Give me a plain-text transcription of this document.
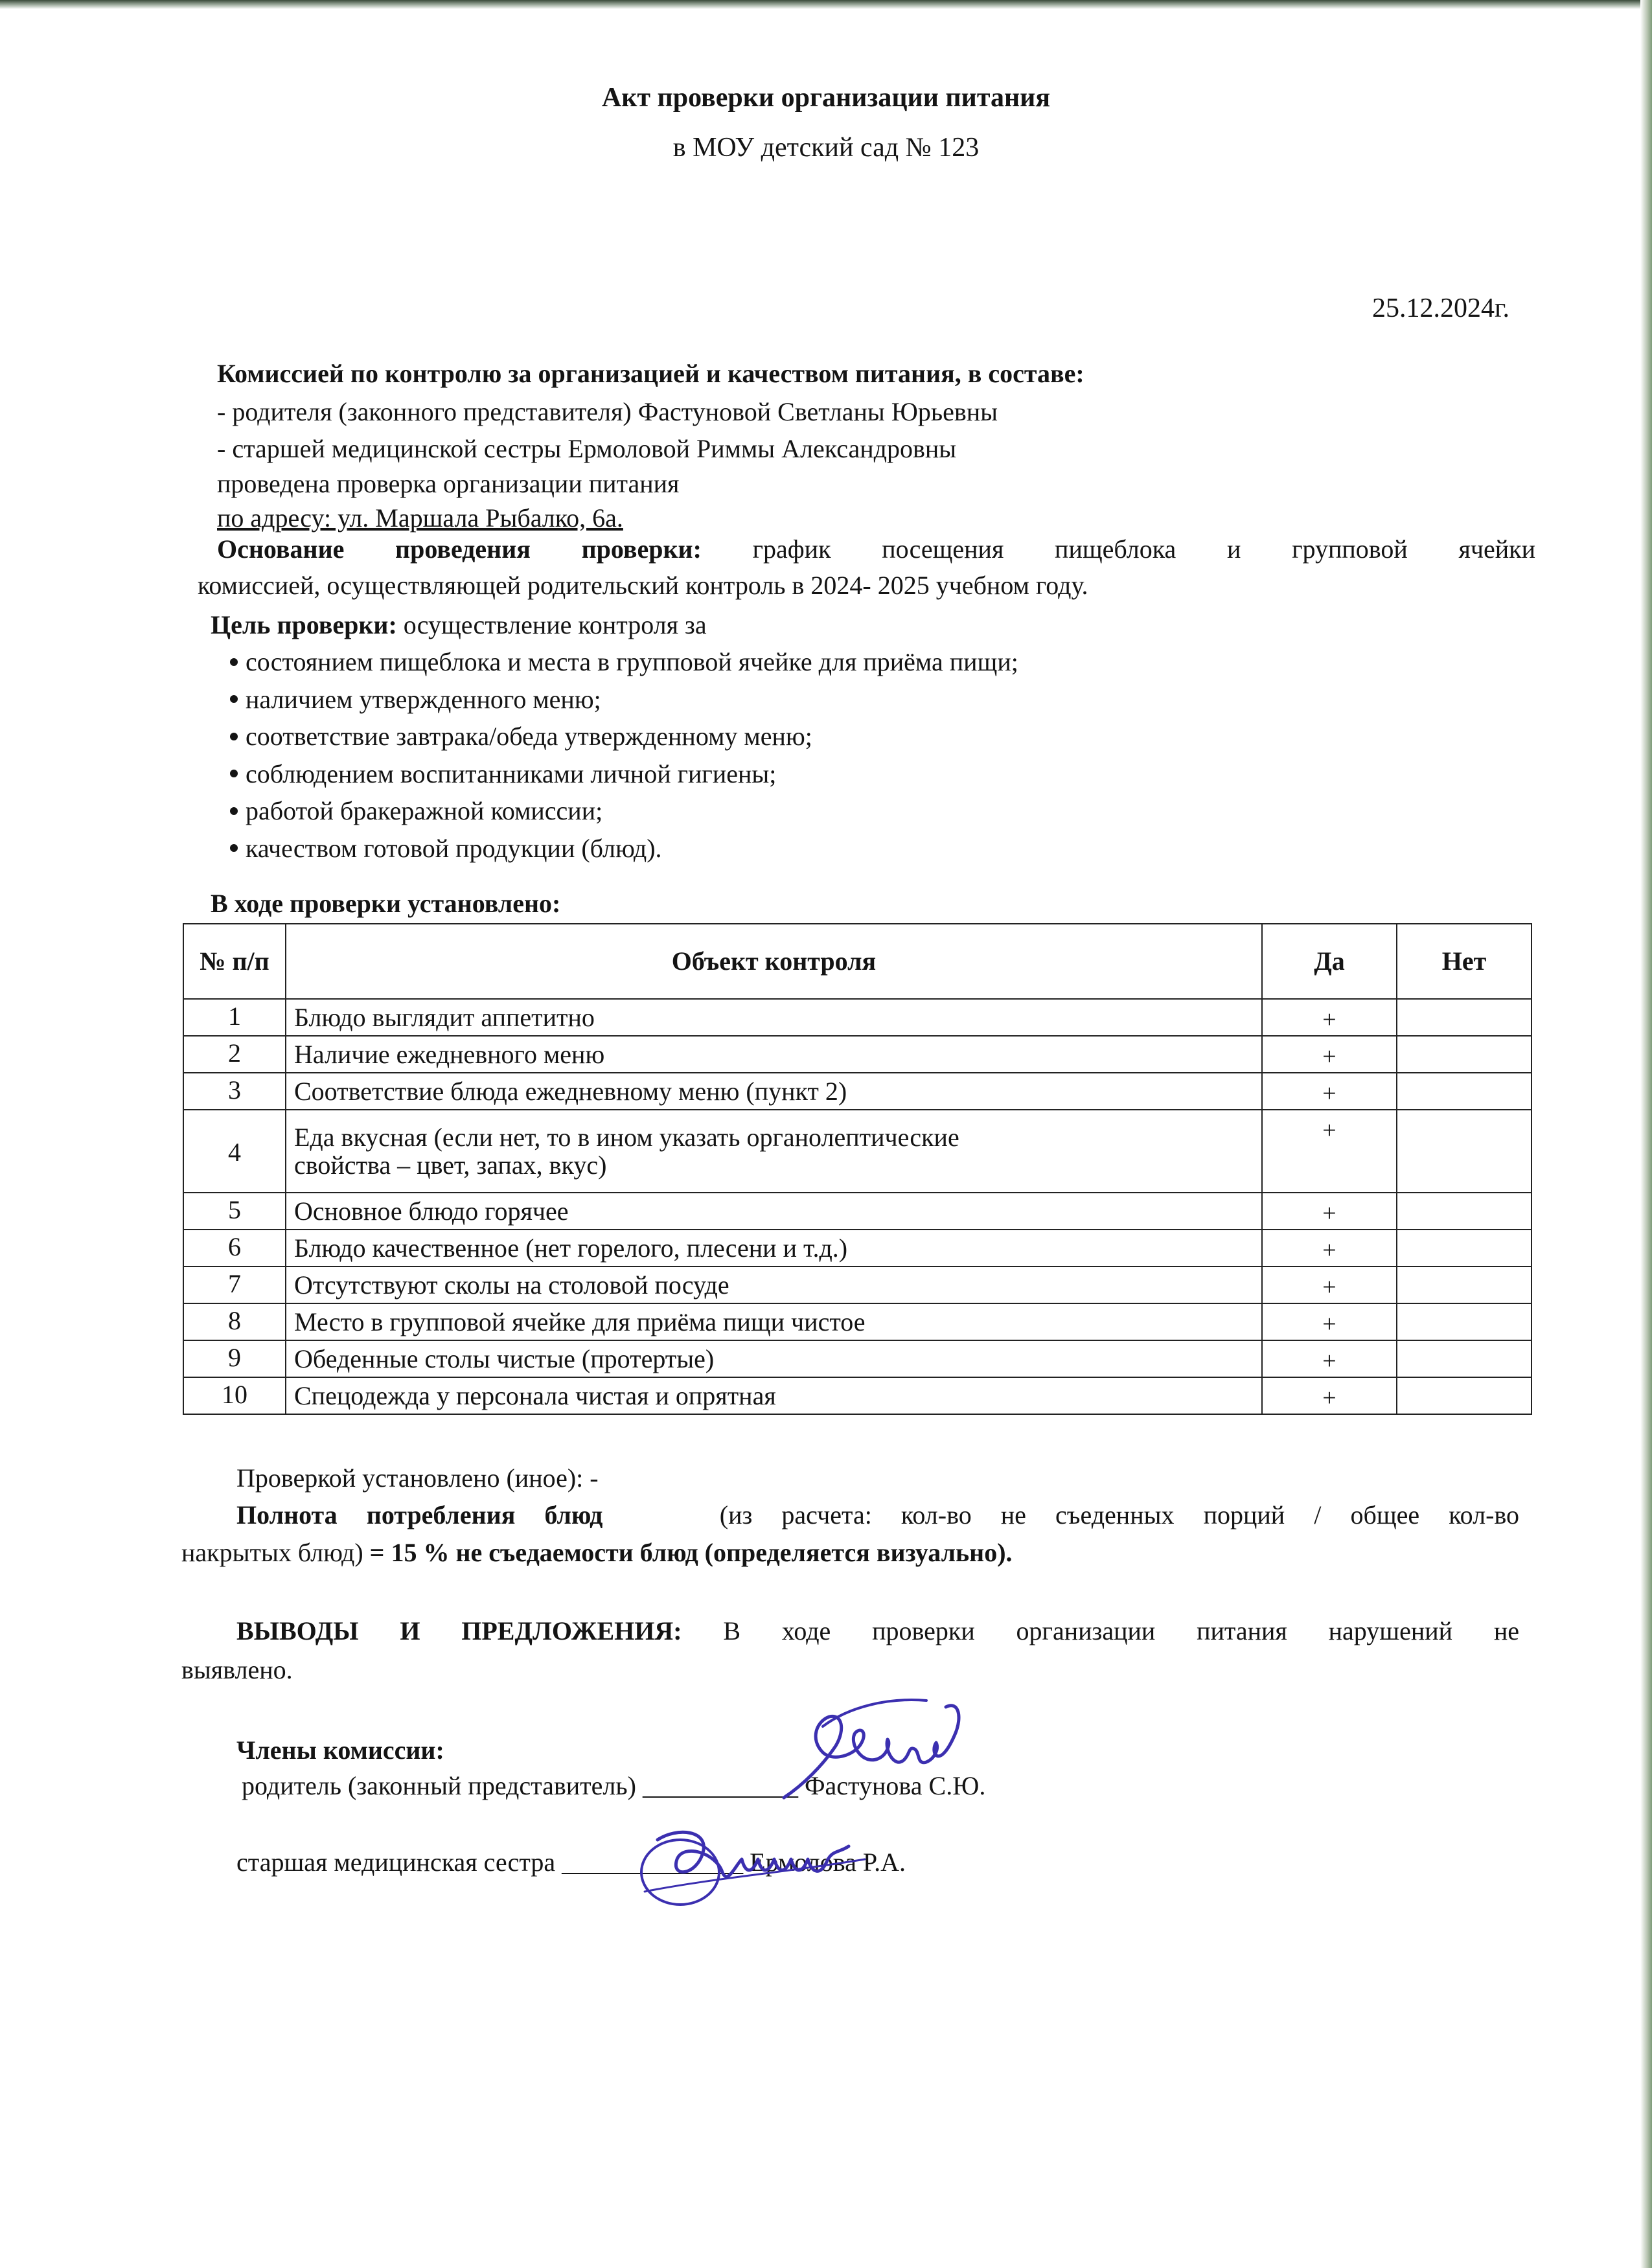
Акт проверки организации питания
в МОУ детский сад № 123
25.12.2024г.
Комиссией по контролю за организацией и качеством питания, в составе:
- родителя (законного представителя) Фастуновой Светланы Юрьевны
- старшей медицинской сестры Ермоловой Риммы Александровны
проведена проверка организации питания
по адресу: ул. Маршала Рыбалко, 6а.
Основание проведения проверки: график посещения пищеблока и групповой ячейки
комиссией, осуществляющей родительский контроль в 2024- 2025 учебном году.
Цель проверки: осуществление контроля за
состоянием пищеблока и места в групповой ячейке для приёма пищи;
наличием утвержденного меню;
соответствие завтрака/обеда утвержденному меню;
соблюдением воспитанниками личной гигиены;
работой бракеражной комиссии;
качеством готовой продукции (блюд).
В ходе проверки установлено:
№ п/п	Объект контроля	Да	Нет
1	Блюдо выглядит аппетитно	+	
2	Наличие ежедневного меню	+	
3	Соответствие блюда ежедневному меню (пункт 2)	+	
4	Еда вкусная (если нет, то в ином указать органолептические
свойства – цвет, запах, вкус)	+	
5	Основное блюдо горячее	+	
6	Блюдо качественное (нет горелого, плесени и т.д.)	+	
7	Отсутствуют сколы на столовой посуде	+	
8	Место в групповой ячейке для приёма пищи чистое	+	
9	Обеденные столы чистые (протертые)	+	
10	Спецодежда у персонала чистая и опрятная	+	
Проверкой установлено (иное): -
Полнота потребления блюд	(из расчета: кол-во не съеденных порций / общее кол-во
накрытых блюд) = 15 % не съедаемости блюд (определяется визуально).
ВЫВОДЫ И ПРЕДЛОЖЕНИЯ: В ходе проверки организации питания нарушений не
выявлено.
Члены комиссии:
родитель (законный представитель) ____________ Фастунова С.Ю.
старшая медицинская сестра ______________ Ермолова Р.А.
